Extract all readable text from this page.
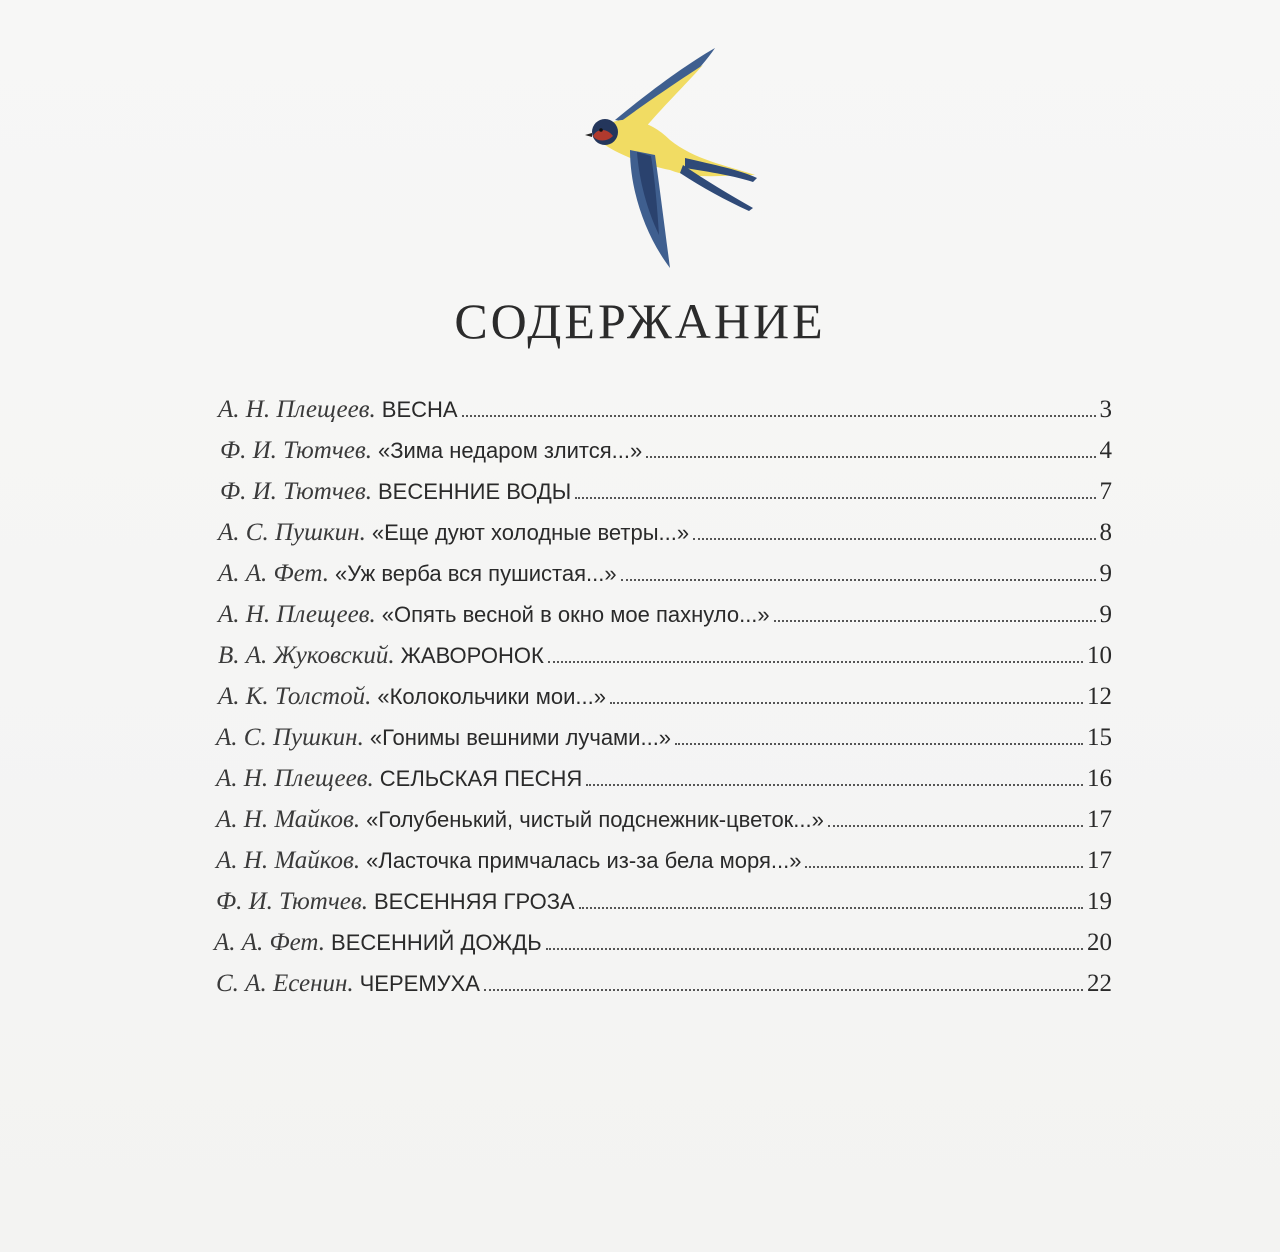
СОДЕРЖАНИЕ
А. Н. Плещеев. ВЕСНА	3
Ф. И. Тютчев. «Зима недаром злится...»	4
Ф. И. Тютчев. ВЕСЕННИЕ ВОДЫ	7
А. С. Пушкин. «Еще дуют холодные ветры...»	8
А. А. Фет. «Уж верба вся пушистая...»	9
А. Н. Плещеев. «Опять весной в окно мое пахнуло...»	9
В. А. Жуковский. ЖАВОРОНОК	10
А. К. Толстой. «Колокольчики мои...»	12
А. С. Пушкин. «Гонимы вешними лучами...»	15
А. Н. Плещеев. СЕЛЬСКАЯ ПЕСНЯ	16
А. Н. Майков. «Голубенький, чистый подснежник-цветок...»	17
А. Н. Майков. «Ласточка примчалась из-за бела моря...»	17
Ф. И. Тютчев. ВЕСЕННЯЯ ГРОЗА	19
А. А. Фет. ВЕСЕННИЙ ДОЖДЬ	20
С. А. Есенин. ЧЕРЕМУХА	22
